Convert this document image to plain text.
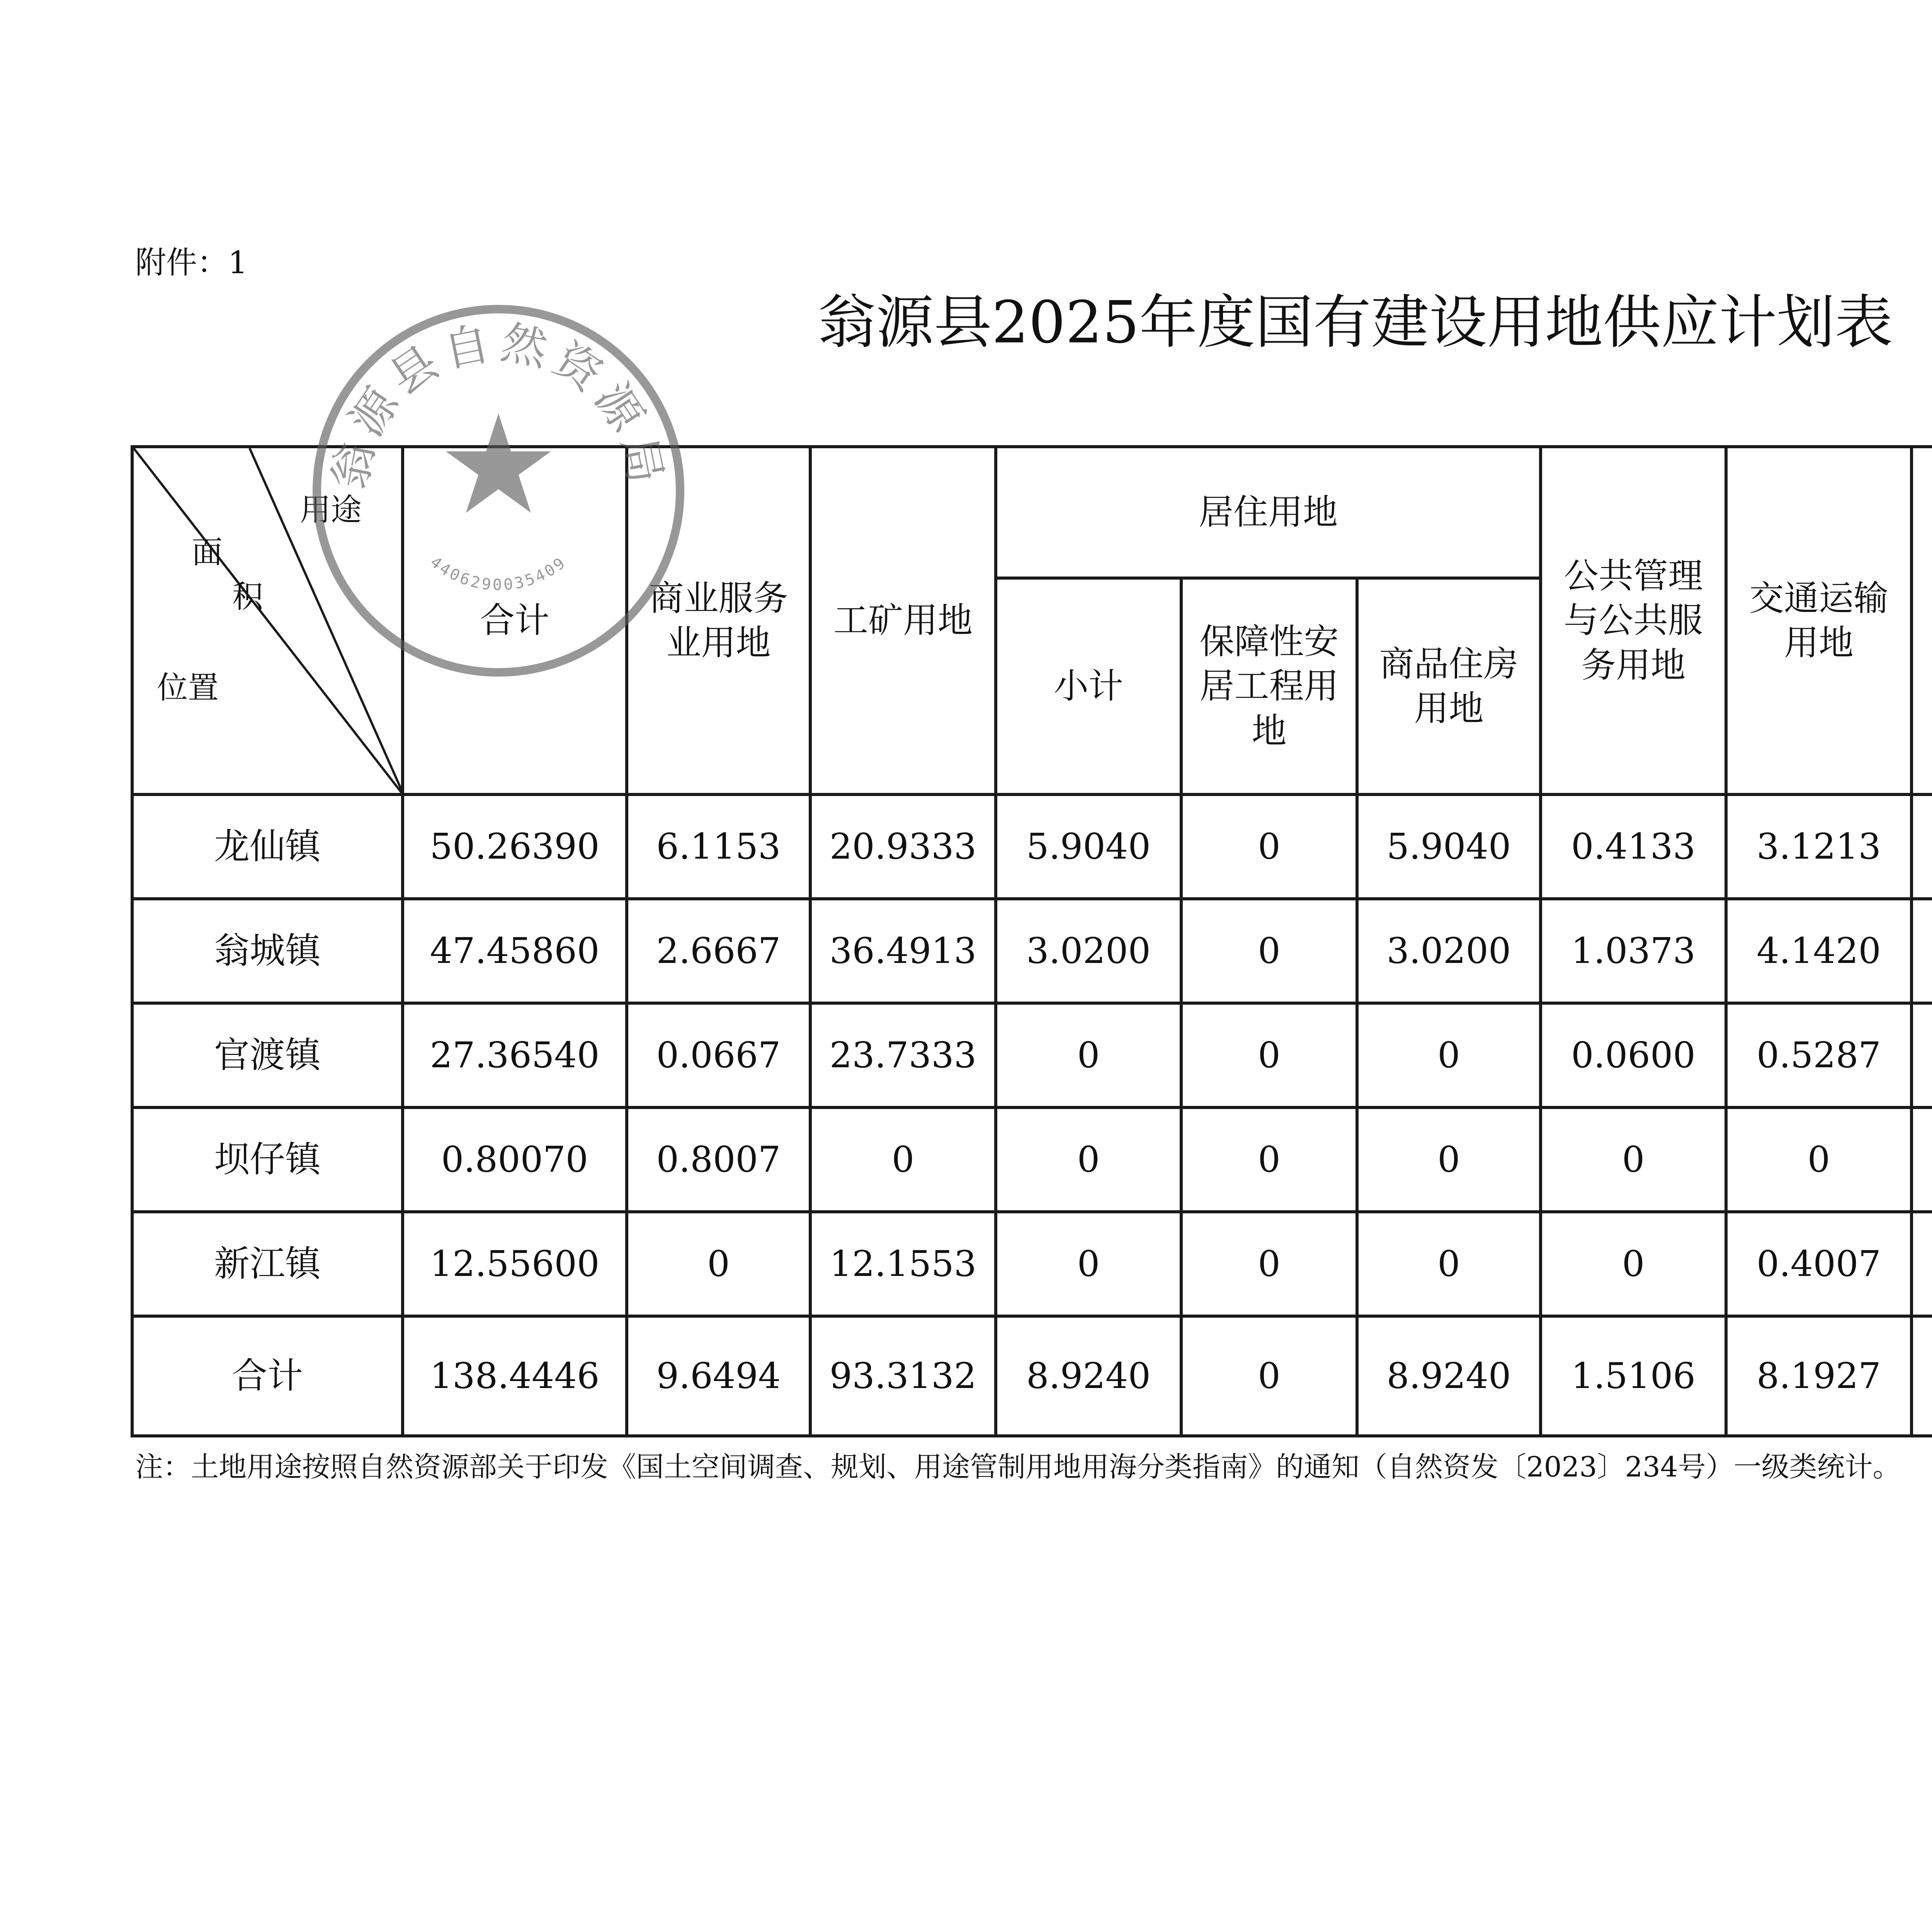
附件：1
翁源县2025年度国有建设用地供应计划表
用途
面
积
位置	合计	商业服务业用地	工矿用地	居住用地			公共管理与公共服务用地	交通运输用地				
				小计	保障性安居工程用地	商品住房用地						
龙仙镇	50.26390	6.1153	20.9333	5.9040	0	5.9040	0.4133	3.1213				
翁城镇	47.45860	2.6667	36.4913	3.0200	0	3.0200	1.0373	4.1420				
官渡镇	27.36540	0.0667	23.7333	0	0	0	0.0600	0.5287				
坝仔镇	0.80070	0.8007	0	0	0	0	0	0				
新江镇	12.55600	0	12.1553	0	0	0	0	0.4007				
合计	138.4446	9.6494	93.3132	8.9240	0	8.9240	1.5106	8.1927				
翁源县自然资源局
4406290035409
注：土地用途按照自然资源部关于印发《国土空间调查、规划、用途管制用地用海分类指南》的通知（自然资发〔2023〕234号）一级类统计。
